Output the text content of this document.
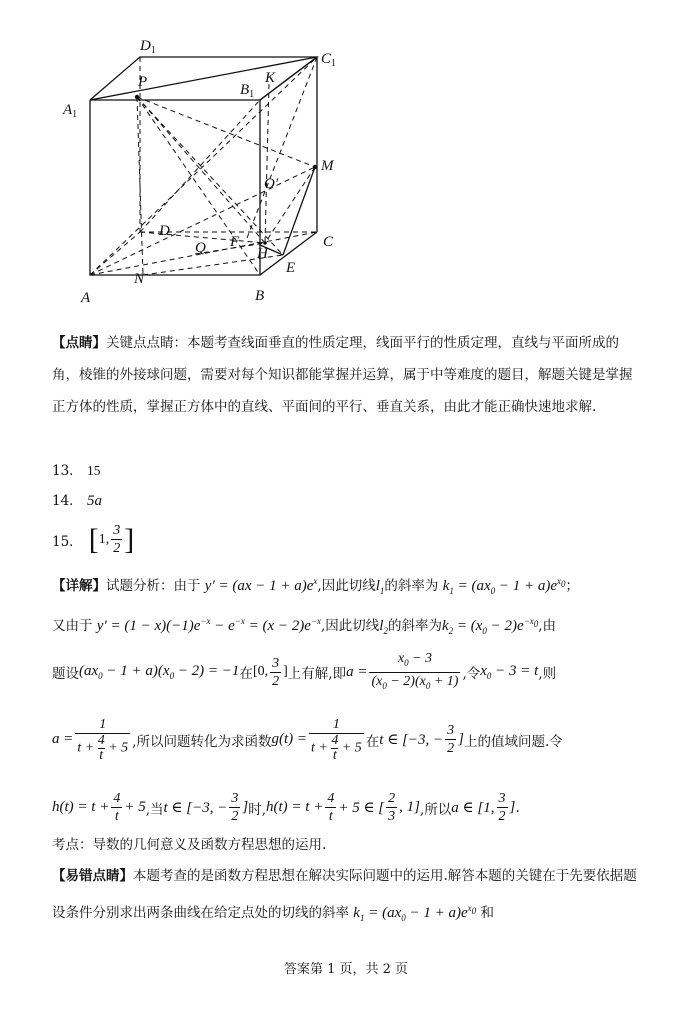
$D_1$
$C_1$
$A_1$
$B_1$
P	K
M
O′
D
C
F
Q	H
E
N
A	B

【点睛】关键点点睛：本题考查线面垂直的性质定理，线面平行的性质定理，直线与平面所成的角，棱锥的外接球问题，需要对每个知识都能掌握并运算，属于中等难度的题目，解题关键是掌握正方体的性质，掌握正方体中的直线、平面间的平行、垂直关系，由此才能正确快速地求解.

13． 15

14． 5a

15． [ 1, $\frac{3}{2}$ ]
【详解】试题分析：由于 $y' = (ax - 1 + a)e^x$,因此切线$l_1$的斜率为 $k_1 = (ax_0 - 1 + a)e^{x_0}$；
又由于 $y' = (1 - x)(-1)e^{-x} - e^{-x} = (x - 2)e^{-x}$,因此切线$l_2$的斜率为$k_2 = (x_0 - 2)e^{-x_0}$,由
题设 $(ax_0 - 1 + a)(x_0 - 2) = -1$ 在 [0, $\frac{3}{2}$ ] 上有解,即 $a = \frac{x_0 - 3}{(x_0 - 2)(x_0 + 1)}$ ,令 $x_0 - 3 = t$ ,则
$a = \frac{1}{t + \frac{4}{t} + 5}$ ,所以问题转化为求函数 $g(t) = \frac{1}{t + \frac{4}{t} + 5}$ 在 t ∈ [−3, − $\frac{3}{2}$ ] 上的值域问题.令
$h(t) = t + \frac{4}{t} + 5$ ,当 t ∈ [−3, − $\frac{3}{2}$ ] 时, $h(t) = t + \frac{4}{t} + 5$ ∈ [ $\frac{2}{3}$ , 1] ,所以 a ∈ [1, $\frac{3}{2}$ ] .

考点：导数的几何意义及函数方程思想的运用.

【易错点睛】本题考查的是函数方程思想在解决实际问题中的运用.解答本题的关键在于先要依据题设条件分别求出两条曲线在给定点处的切线的斜率 $k_1 = (ax_0 - 1 + a)e^{x_0}$ 和
答案第 1 页，共 2 页
